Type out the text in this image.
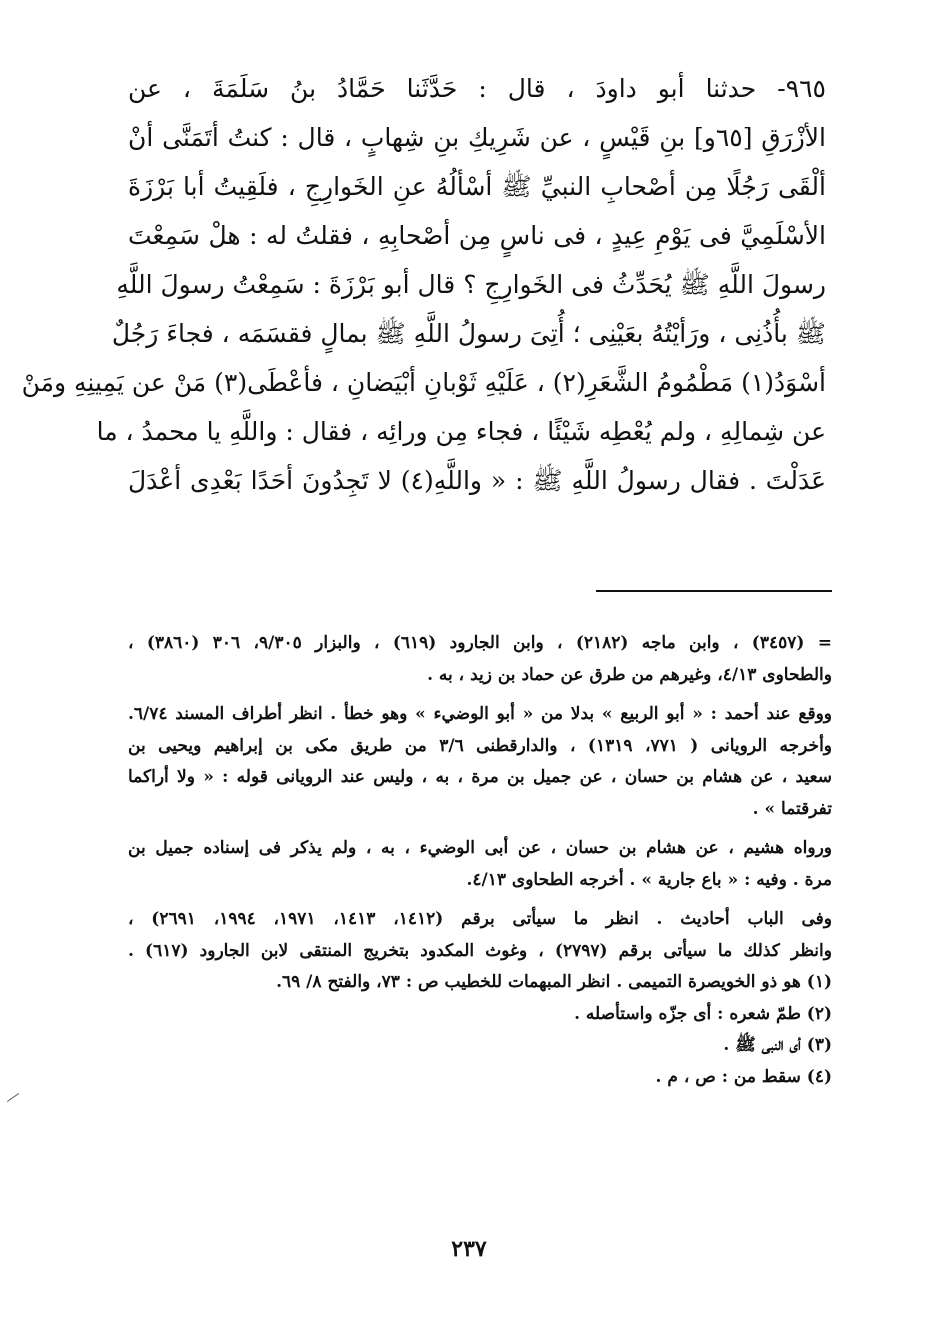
٩٦٥- حدثنا أبو داودَ ، قال : حَدَّثَنا حَمَّادُ بنُ سَلَمَةَ ، عن
الأزْرَقِ [٦٥و] بنِ قَيْسٍ ، عن شَرِيكِ بنِ شِهابٍ ، قال : كنتُ أتَمَنَّى أنْ
ألْقَى رَجُلًا مِن أصْحابِ النبيِّ ﷺ أسْألُهُ عنِ الخَوارِجِ ، فلَقِيتُ أبا بَرْزَةَ
الأسْلَمِيَّ فى يَوْمِ عِيدٍ ، فى ناسٍ مِن أصْحابِهِ ، فقلتُ له : هلْ سَمِعْتَ
رسولَ اللَّهِ ﷺ يُحَدِّثُ فى الخَوارِجِ ؟ قال أبو بَرْزَةَ : سَمِعْتُ رسولَ اللَّهِ
ﷺ بأُذُنِى ، ورَأيْتُهُ بعَيْنِى ؛ أُتِىَ رسولُ اللَّهِ ﷺ بمالٍ فقسَمَه ، فجاءَ رَجُلٌ
أسْوَدُ(١) مَطْمُومُ الشَّعَرِ(٢) ، عَلَيْهِ ثَوْبانِ أبْيَضانِ ، فأعْطَى(٣) مَنْ عن يَمِينِهِ ومَنْ
عن شِمالِهِ ، ولم يُعْطِه شَيْئًا ، فجاء مِن ورائِه ، فقال : واللَّهِ يا محمدُ ، ما
عَدَلْتَ . فقال رسولُ اللَّهِ ﷺ : « واللَّهِ(٤) لا تَجِدُونَ أحَدًا بَعْدِى أعْدَلَ
= (٣٤٥٧) ، وابن ماجه (٢١٨٢) ، وابن الجارود (٦١٩) ، والبزار ٩/٣٠٥، ٣٠٦ (٣٨٦٠) ،
والطحاوى ٤/١٣، وغيرهم من طرق عن حماد بن زيد ، به .
ووقع عند أحمد : « أبو الربيع » بدلا من « أبو الوضيء » وهو خطأ . انظر أطراف المسند ٦/٧٤.
وأخرجه الرويانى ( ٧٧١، ١٣١٩) ، والدارقطنى ٣/٦ من طريق مكى بن إبراهيم ويحيى بن
سعيد ، عن هشام بن حسان ، عن جميل بن مرة ، به ، وليس عند الرويانى قوله : « ولا أراكما
تفرقتما » .
ورواه هشيم ، عن هشام بن حسان ، عن أبى الوضيء ، به ، ولم يذكر فى إسناده جميل بن
مرة . وفيه : « باع جارية » . أخرجه الطحاوى ٤/١٣.
وفى الباب أحاديث . انظر ما سيأتى برقم (١٤١٢، ١٤١٣، ١٩٧١، ١٩٩٤، ٢٦٩١) ،
وانظر كذلك ما سيأتى برقم (٢٧٩٧) ، وغوث المكدود بتخريج المنتقى لابن الجارود (٦١٧) .
(١) هو ذو الخويصرة التميمى . انظر المبهمات للخطيب ص : ٧٣، والفتح ٨/ ٦٩.
(٢) طمّ شعره : أى جزّه واستأصله .
(٣) أى النبى ﷺ .
(٤) سقط من : ص ، م .
٢٣٧
